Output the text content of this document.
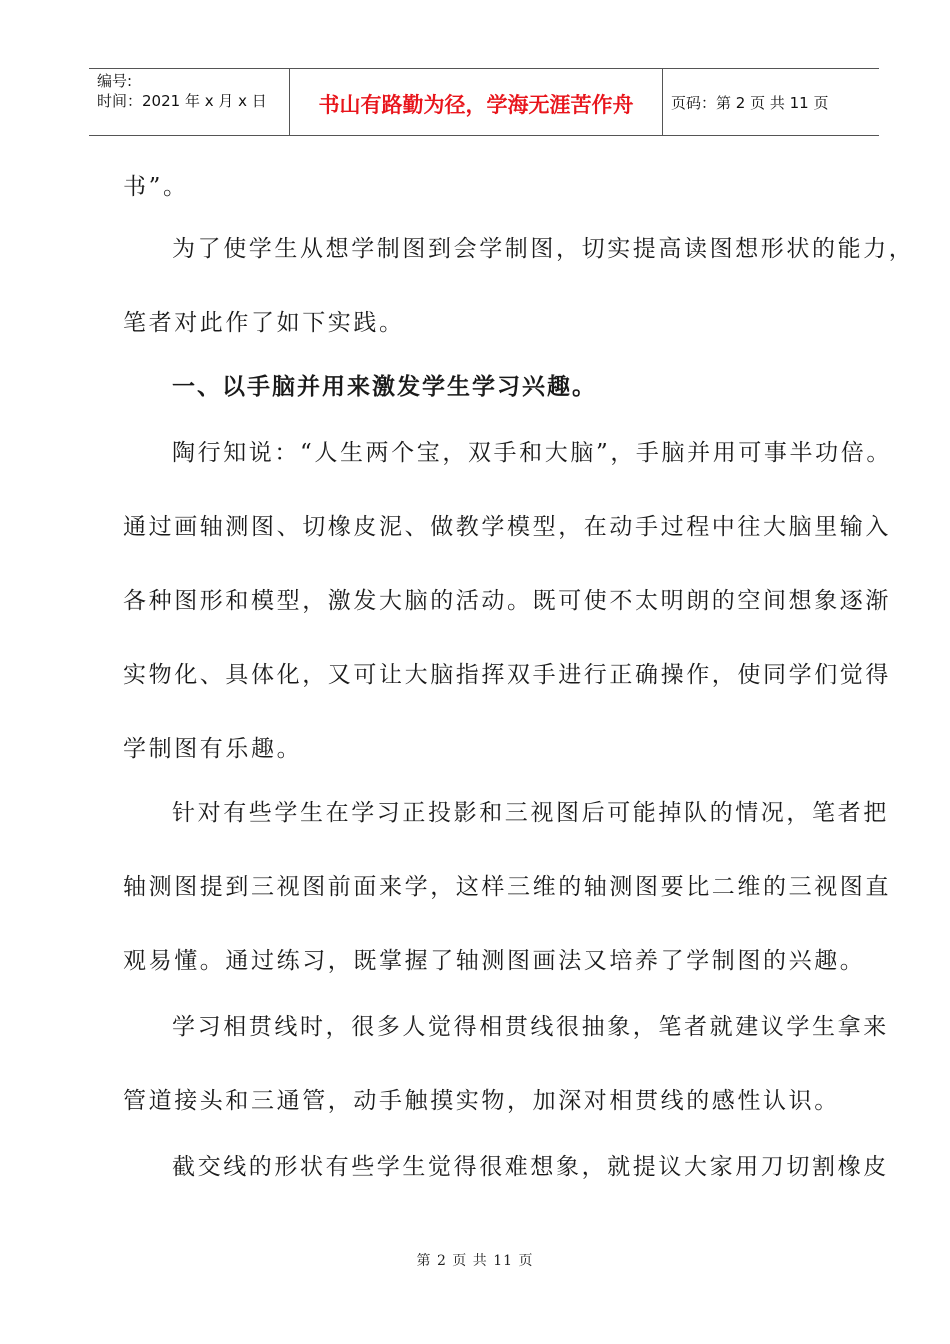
编号:
时间：2021 年 x 月 x 日	书山有路勤为径，学海无涯苦作舟	页码：第 2 页 共 11 页
书”。
为了使学生从想学制图到会学制图，切实提高读图想形状的能力，
笔者对此作了如下实践。
一、以手脑并用来激发学生学习兴趣。
陶行知说：“人生两个宝，双手和大脑”，手脑并用可事半功倍。
通过画轴测图、切橡皮泥、做教学模型，在动手过程中往大脑里输入
各种图形和模型，激发大脑的活动。既可使不太明朗的空间想象逐渐
实物化、具体化，又可让大脑指挥双手进行正确操作，使同学们觉得
学制图有乐趣。
针对有些学生在学习正投影和三视图后可能掉队的情况，笔者把
轴测图提到三视图前面来学，这样三维的轴测图要比二维的三视图直
观易懂。通过练习，既掌握了轴测图画法又培养了学制图的兴趣。
学习相贯线时，很多人觉得相贯线很抽象，笔者就建议学生拿来
管道接头和三通管，动手触摸实物，加深对相贯线的感性认识。
截交线的形状有些学生觉得很难想象，就提议大家用刀切割橡皮
第 2 页 共 11 页
